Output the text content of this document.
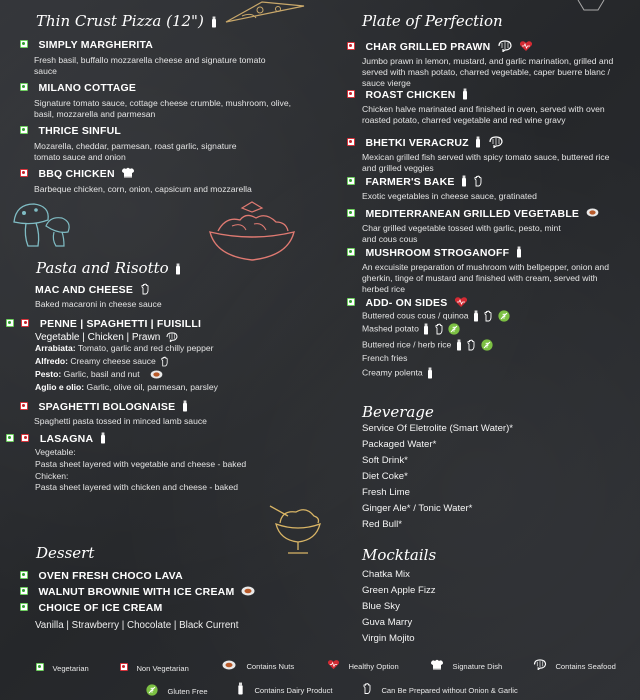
Thin Crust Pizza (12")
SIMPLY MARGHERITA
Fresh basil, buffallo mozzarella cheese and signature tomato sauce
MILANO COTTAGE
Signature tomato sauce, cottage cheese crumble, mushroom, olive, basil, mozzarella and parmesan
THRICE SINFUL
Mozarella, cheddar, parmesan, roast garlic, signature tomato sauce and onion
BBQ CHICKEN
Barbeque chicken, corn, onion, capsicum and mozzarella
Pasta and Risotto
MAC AND CHEESE
Baked macaroni in cheese sauce
PENNE | SPAGHETTI | FUISILLI
Vegetable | Chicken | Prawn
Arrabiata: Tomato, garlic and red chilly pepper
Alfredo: Creamy cheese sauce
Pesto: Garlic, basil and nut
Aglio e olio: Garlic, olive oil, parmesan, parsley
SPAGHETTI BOLOGNAISE
Spaghetti pasta tossed in minced lamb sauce
LASAGNA
Vegetable:
Pasta sheet layered with vegetable and cheese - baked
Chicken:
Pasta sheet layered with chicken and cheese - baked
Dessert
OVEN FRESH CHOCO LAVA
WALNUT BROWNIE WITH ICE CREAM
CHOICE OF ICE CREAM
Vanilla | Strawberry | Chocolate | Black Current
Plate of Perfection
CHAR GRILLED PRAWN
Jumbo prawn in lemon, mustard, and garlic marination, grilled and served with mash potato, charred vegetable, caper buerre blanc / sauce vierge
ROAST CHICKEN
Chicken halve marinated and finished in oven, served with oven roasted potato, charred vegetable and red wine gravy
BHETKI VERACRUZ
Mexican grilled fish served with spicy tomato sauce, buttered rice and grilled veggies
FARMER'S BAKE
Exotic vegetables in cheese sauce, gratinated
MEDITERRANEAN GRILLED VEGETABLE
Char grilled vegetable tossed with garlic, pesto, mint and cous cous
MUSHROOM STROGANOFF
An excuisite preparation of mushroom with bellpepper, onion and gherkin, tinge of mustard and finished with cream, served with herbed rice
ADD- ON SIDES
Buttered cous cous / quinoa
Mashed potato
Buttered rice / herb rice
French fries
Creamy polenta
Beverage
Service Of Eletrolite (Smart Water)*
Packaged Water*
Soft Drink*
Diet Coke*
Fresh Lime
Ginger Ale* / Tonic Water*
Red Bull*
Mocktails
Chatka Mix
Green Apple Fizz
Blue Sky
Guva Marry
Virgin Mojito
Vegetarian	Non Vegetarian	Contains Nuts	Healthy Option	Signature Dish	Contains Seafood
Gluten Free	Contains Dairy Product	Can Be Prepared without Onion & Garlic
